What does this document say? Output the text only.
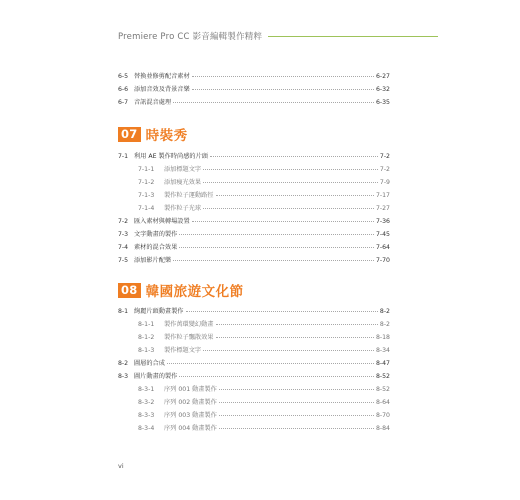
Premiere Pro CC 影音編輯製作精粹
6-5 替換並修剪配音素材	6-27
6-6 添加音效及背景音樂	6-32
6-7 音訊混音處理	6-35
07 時裝秀
7-1 利用 AE 製作時尚感的片頭	7-2
7-1-1	添加標題文字	7-2
7-1-2	添加瘦光效果	7-9
7-1-3	製作粒子運動路徑	7-17
7-1-4	製作粒子光球	7-27
7-2 匯入素材與轉場設置	7-36
7-3 文字動畫的製作	7-45
7-4 素材的混合效果	7-64
7-5 添加影片配樂	7-70
08 韓國旅遊文化節
8-1 絢麗片頭動畫製作	8-2
8-1-1	製作萬環變幻動畫	8-2
8-1-2	製作粒子飄散效果	8-18
8-1-3	製作標題文字	8-34
8-2 圖層的合成	8-47
8-3 圖片動畫的製作	8-52
8-3-1	序列 001 動畫製作	8-52
8-3-2	序列 002 動畫製作	8-64
8-3-3	序列 003 動畫製作	8-70
8-3-4	序列 004 動畫製作	8-84
vi
